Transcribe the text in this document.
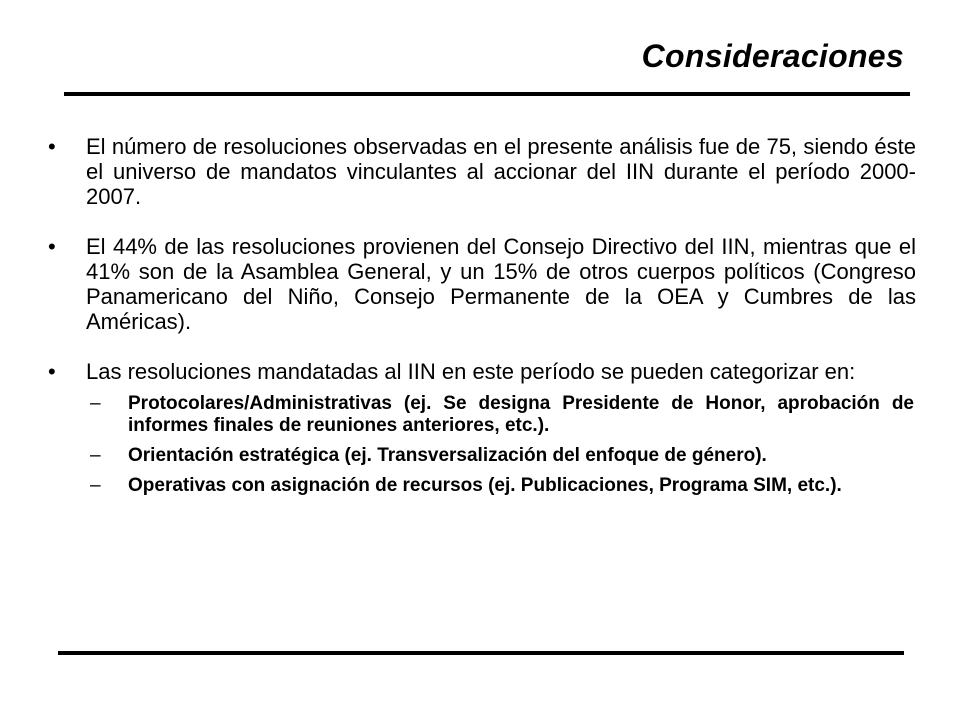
Consideraciones
•	El número de resoluciones observadas en el presente análisis fue de 75, siendo éste el universo de mandatos vinculantes al accionar del IIN durante el período 2000-2007.
•	El 44% de las resoluciones provienen del Consejo Directivo del IIN, mientras que el 41% son de la Asamblea General, y un 15% de otros cuerpos políticos (Congreso Panamericano del Niño, Consejo Permanente de la OEA y Cumbres de las Américas).
•	Las resoluciones mandatadas al IIN en este período se pueden categorizar en:
–	Protocolares/Administrativas (ej. Se designa Presidente de Honor, aprobación de informes finales de reuniones anteriores, etc.).
–	Orientación estratégica (ej. Transversalización del enfoque de género).
–	Operativas con asignación de recursos (ej. Publicaciones, Programa SIM, etc.).
